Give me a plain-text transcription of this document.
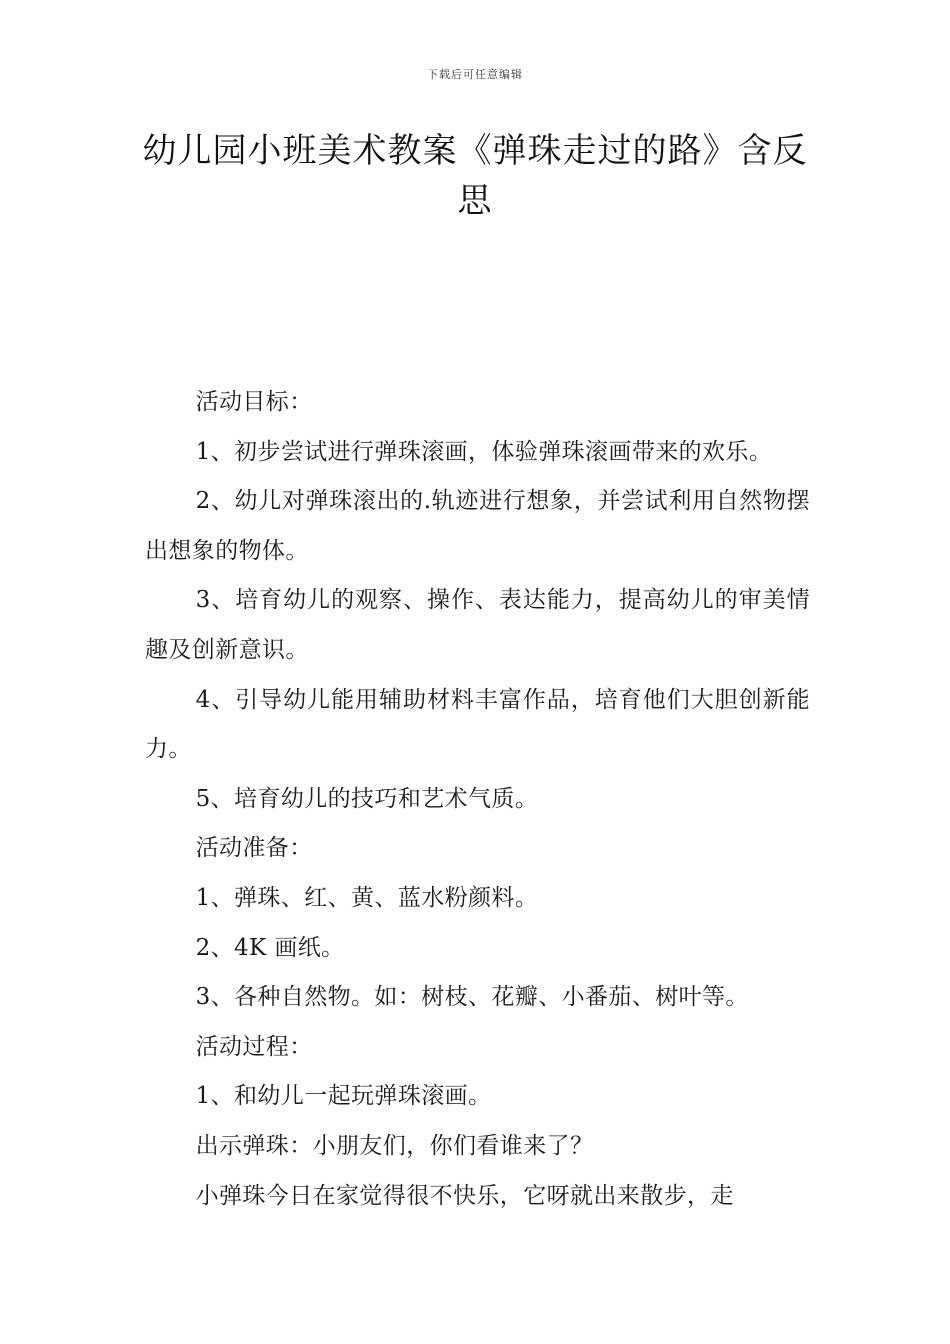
下载后可任意编辑
幼儿园小班美术教案《弹珠走过的路》含反思

活动目标：

1、初步尝试进行弹珠滚画，体验弹珠滚画带来的欢乐。

2、幼儿对弹珠滚出的.轨迹进行想象，并尝试利用自然物摆出想象的物体。

3、培育幼儿的观察、操作、表达能力，提高幼儿的审美情趣及创新意识。

4、引导幼儿能用辅助材料丰富作品，培育他们大胆创新能力。

5、培育幼儿的技巧和艺术气质。

活动准备：

1、弹珠、红、黄、蓝水粉颜料。

2、4K 画纸。

3、各种自然物。如：树枝、花瓣、小番茄、树叶等。

活动过程：

1、和幼儿一起玩弹珠滚画。

出示弹珠：小朋友们，你们看谁来了？

小弹珠今日在家觉得很不快乐，它呀就出来散步，走
